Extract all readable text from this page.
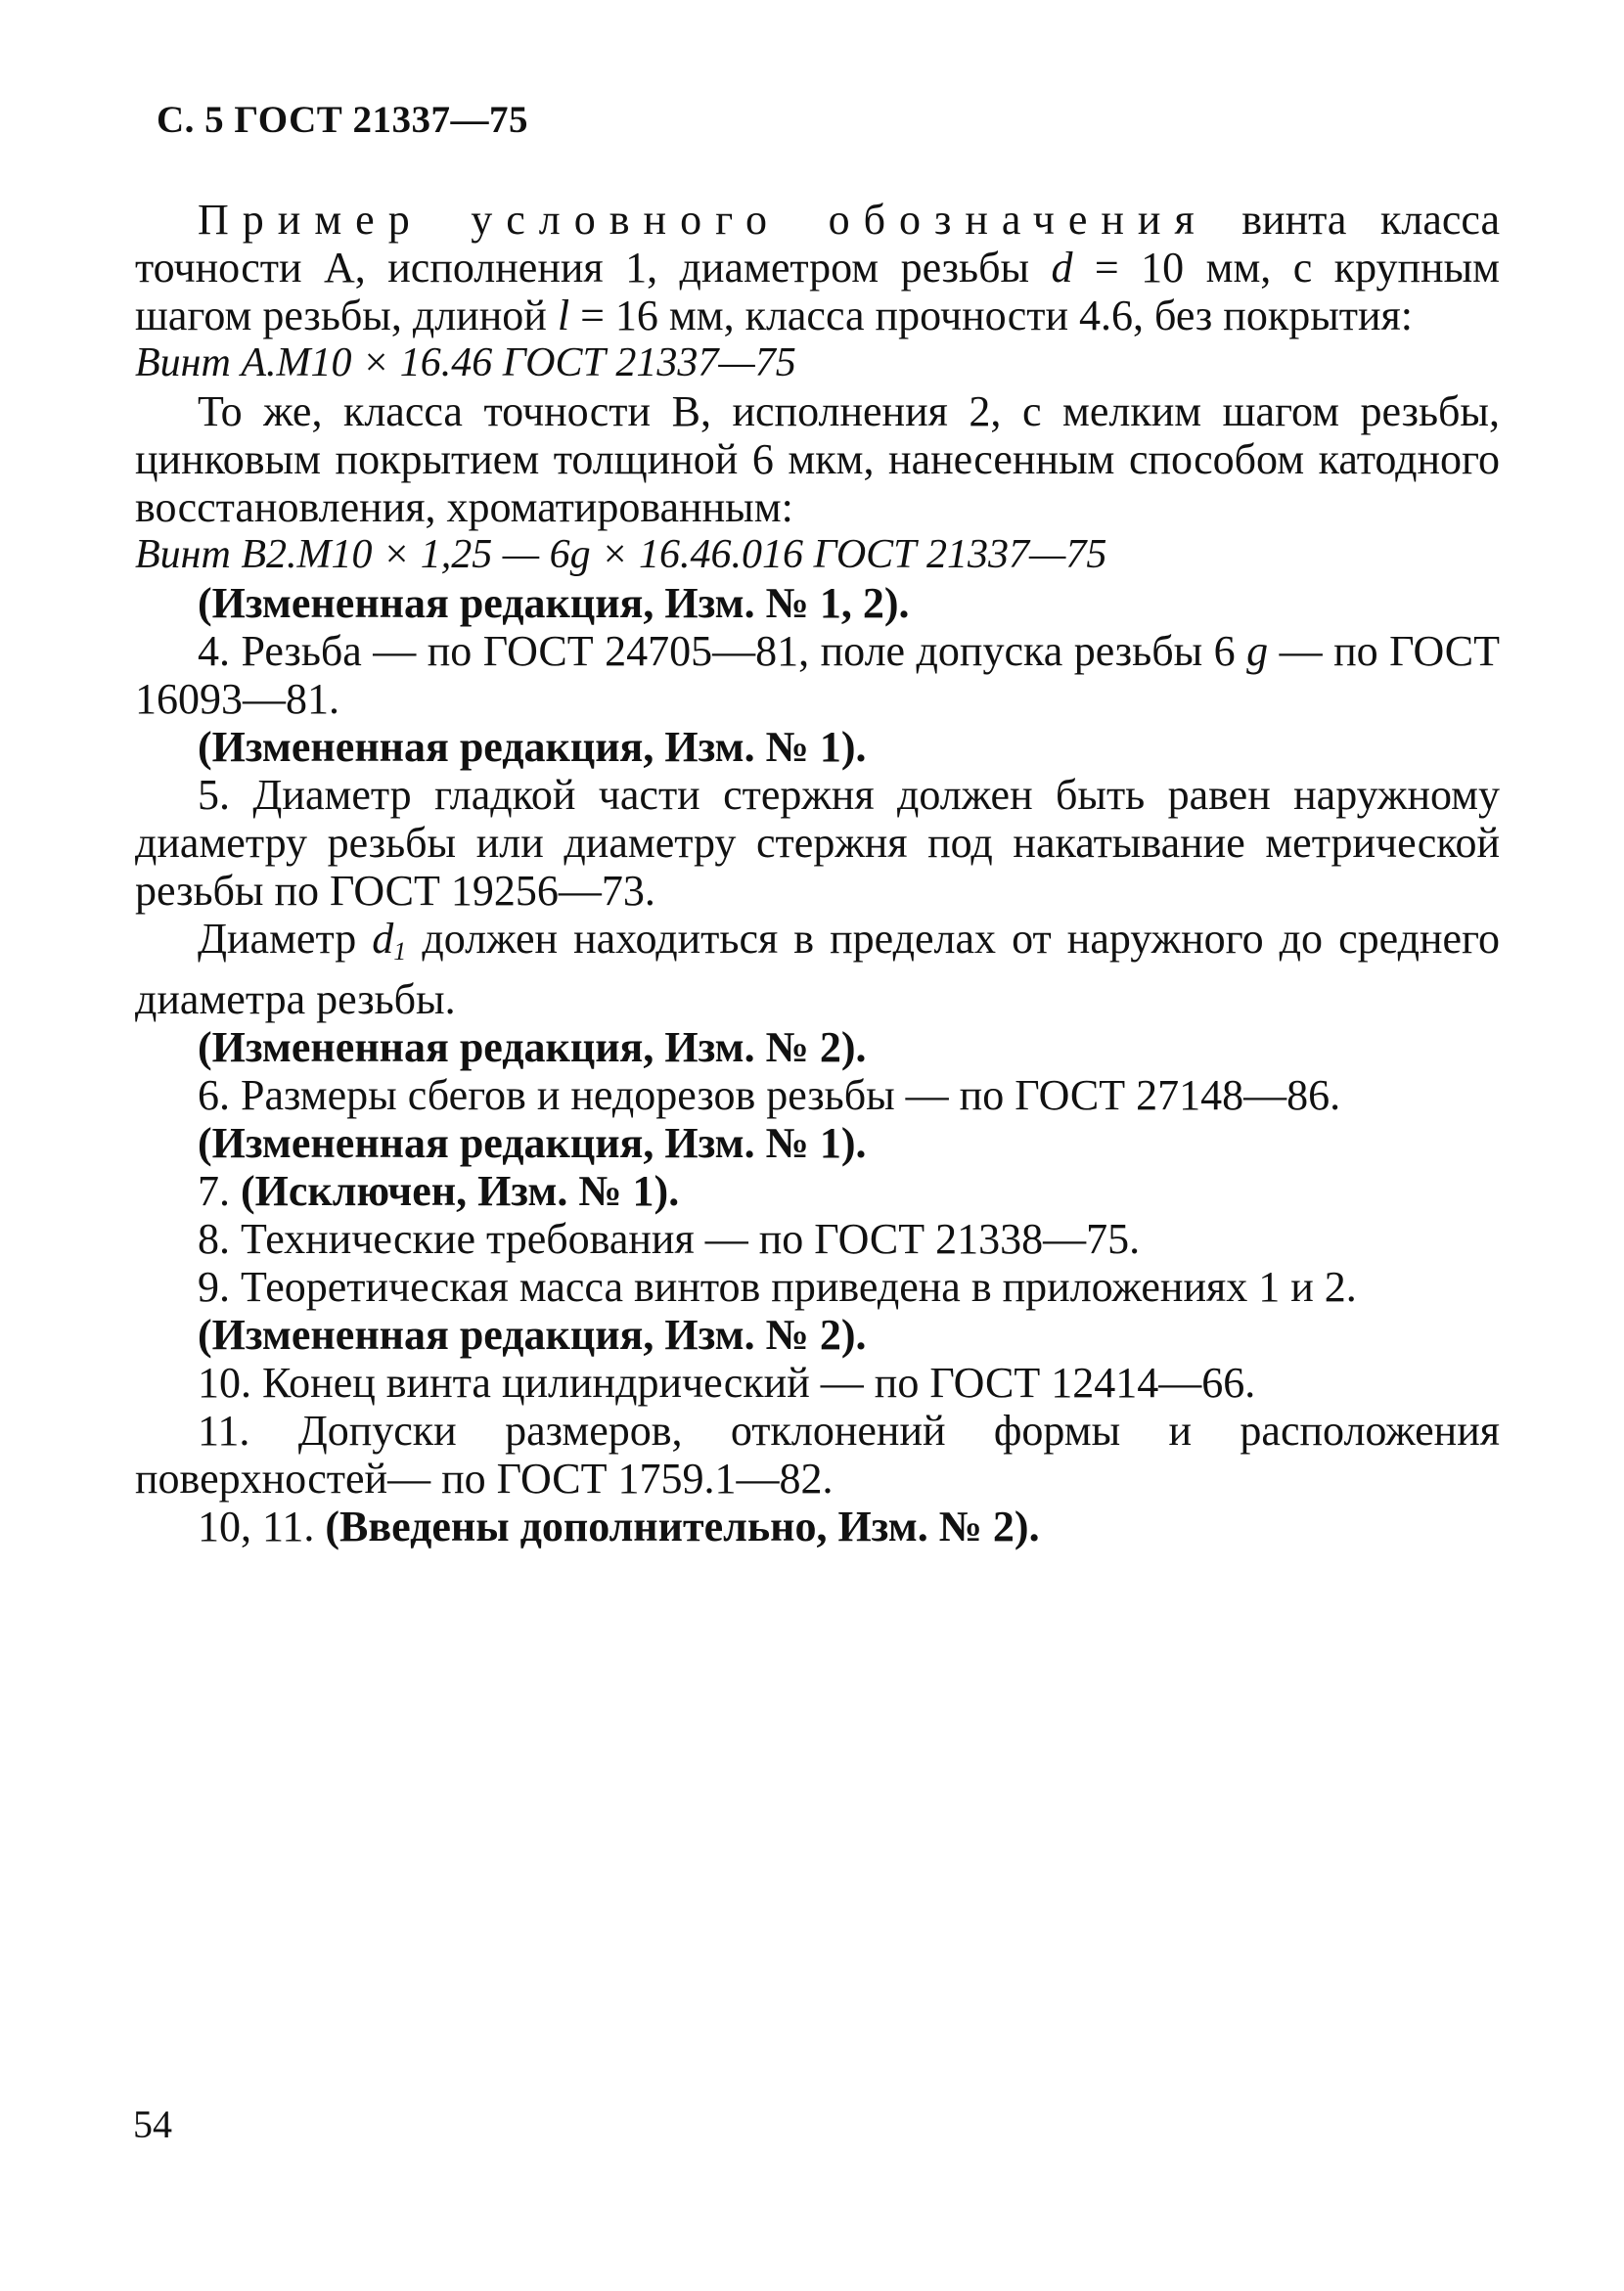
С. 5 ГОСТ 21337—75

Пример условного обозначения винта класса точности А, исполнения 1, диаметром резьбы d = 10 мм, с крупным шагом резьбы, длиной l = 16 мм, класса прочности 4.6, без покрытия:

Винт А.М10 × 16.46 ГОСТ 21337—75

То же, класса точности В, исполнения 2, с мелким шагом резьбы, цинковым покрытием толщиной 6 мкм, нанесенным способом катодного восстановления, хроматированным:

Винт В2.М10 × 1,25 — 6g × 16.46.016 ГОСТ 21337—75

(Измененная редакция, Изм. № 1, 2).

4. Резьба — по ГОСТ 24705—81, поле допуска резьбы 6 g — по ГОСТ 16093—81.

(Измененная редакция, Изм. № 1).

5. Диаметр гладкой части стержня должен быть равен наружному диаметру резьбы или диаметру стержня под накатывание метрической резьбы по ГОСТ 19256—73.

Диаметр $d_1$ должен находиться в пределах от наружного до среднего диаметра резьбы.

(Измененная редакция, Изм. № 2).

6. Размеры сбегов и недорезов резьбы — по ГОСТ 27148—86.

(Измененная редакция, Изм. № 1).

7. (Исключен, Изм. № 1).

8. Технические требования — по ГОСТ 21338—75.

9. Теоретическая масса винтов приведена в приложениях 1 и 2.

(Измененная редакция, Изм. № 2).

10. Конец винта цилиндрический — по ГОСТ 12414—66.

11. Допуски размеров, отклонений формы и расположения поверхностей— по ГОСТ 1759.1—82.

10, 11. (Введены дополнительно, Изм. № 2).

54
